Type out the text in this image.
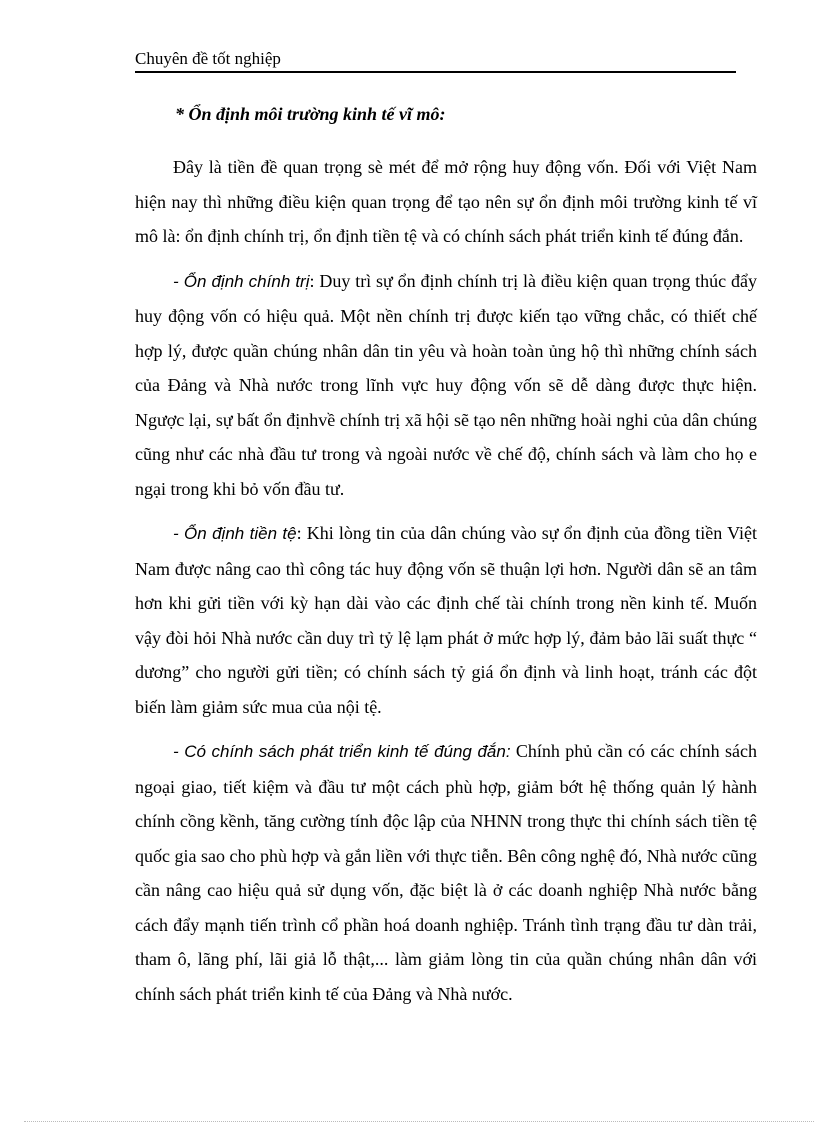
Chuyên đề tốt nghiệp
* Ổn định môi trường kinh tế vĩ mô:

Đây là tiền đề quan trọng sè mét để mở rộng huy động vốn. Đối với Việt Nam hiện nay thì những điều kiện quan trọng để tạo nên sự ổn định môi trường kinh tế vĩ mô là: ổn định chính trị, ổn định tiền tệ và có chính sách phát triển kinh tế đúng đắn.

- Ổn định chính trị: Duy trì sự ổn định chính trị là điều kiện quan trọng thúc đẩy huy động vốn có hiệu quả. Một nền chính trị được kiến tạo vững chắc, có thiết chế hợp lý, được quần chúng nhân dân tin yêu và hoàn toàn ủng hộ thì những chính sách của Đảng và Nhà nước trong lĩnh vực huy động vốn sẽ dễ dàng được thực hiện. Ngược lại, sự bất ổn địnhvề chính trị xã hội sẽ tạo nên những hoài nghi của dân chúng cũng như các nhà đầu tư trong và ngoài nước về chế độ, chính sách và làm cho họ e ngại trong khi bỏ vốn đầu tư.

- Ổn định tiền tệ: Khi lòng tin của dân chúng vào sự ổn định của đồng tiền Việt Nam được nâng cao thì công tác huy động vốn sẽ thuận lợi hơn. Người dân sẽ an tâm hơn khi gửi tiền với kỳ hạn dài vào các định chế tài chính trong nền kinh tế. Muốn vậy đòi hỏi Nhà nước cần duy trì tỷ lệ lạm phát ở mức hợp lý, đảm bảo lãi suất thực “ dương” cho người gửi tiền; có chính sách tỷ giá ổn định và linh hoạt, tránh các đột biến làm giảm sức mua của nội tệ.

- Có chính sách phát triển kinh tế đúng đắn: Chính phủ cần có các chính sách ngoại giao, tiết kiệm và đầu tư một cách phù hợp, giảm bớt hệ thống quản lý hành chính cồng kềnh, tăng cường tính độc lập của NHNN trong thực thi chính sách tiền tệ quốc gia sao cho phù hợp và gắn liền với thực tiễn. Bên công nghệ đó, Nhà nước cũng cần nâng cao hiệu quả sử dụng vốn, đặc biệt là ở các doanh nghiệp Nhà nước bằng cách đẩy mạnh tiến trình cổ phần hoá doanh nghiệp. Tránh tình trạng đầu tư dàn trải, tham ô, lãng phí, lãi giả lỗ thật,... làm giảm lòng tin của quần chúng nhân dân với chính sách phát triển kinh tế của Đảng và Nhà nước.
